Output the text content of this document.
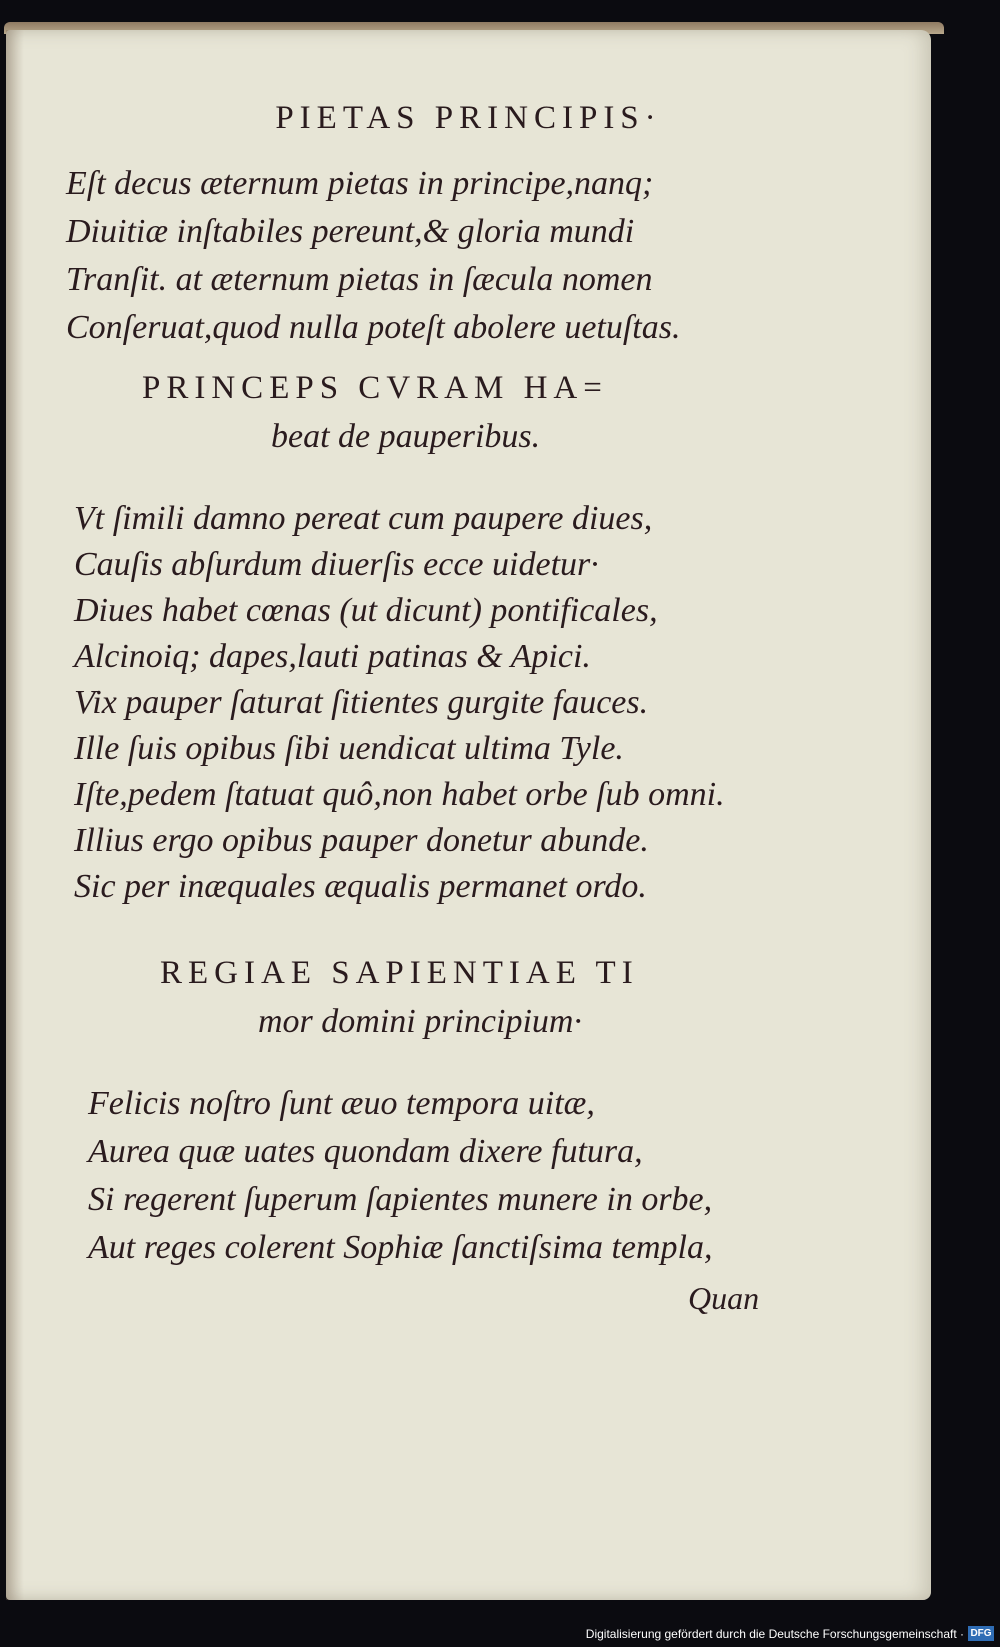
PIETAS PRINCIPIS·
Eſt decus æternum pietas in principe,nanq;
Diuitiæ inſtabiles pereunt,& gloria mundi
Tranſit. at æternum pietas in ſæcula nomen
Conſeruat,quod nulla poteſt abolere uetuſtas.
PRINCEPS CVRAM HA=
beat de pauperibus.
Vt ſimili damno pereat cum paupere diues,
Cauſis abſurdum diuerſis ecce uidetur·
Diues habet cœnas (ut dicunt) pontificales,
Alcinoiq; dapes,lauti patinas & Apici.
Vix pauper ſaturat ſitientes gurgite fauces.
Ille ſuis opibus ſibi uendicat ultima Tyle.
Iſte,pedem ſtatuat quô,non habet orbe ſub omni.
Illius ergo opibus pauper donetur abunde.
Sic per inæquales æqualis permanet ordo.
REGIAE SAPIENTIAE TI
mor domini principium·
Felicis noſtro ſunt æuo tempora uitæ,
Aurea quæ uates quondam dixere futura,
Si regerent ſuperum ſapientes munere in orbe,
Aut reges colerent Sophiæ ſanctiſsima templa,
Quan
Digitalisierung gefördert durch die Deutsche Forschungsgemeinschaft · DFG
